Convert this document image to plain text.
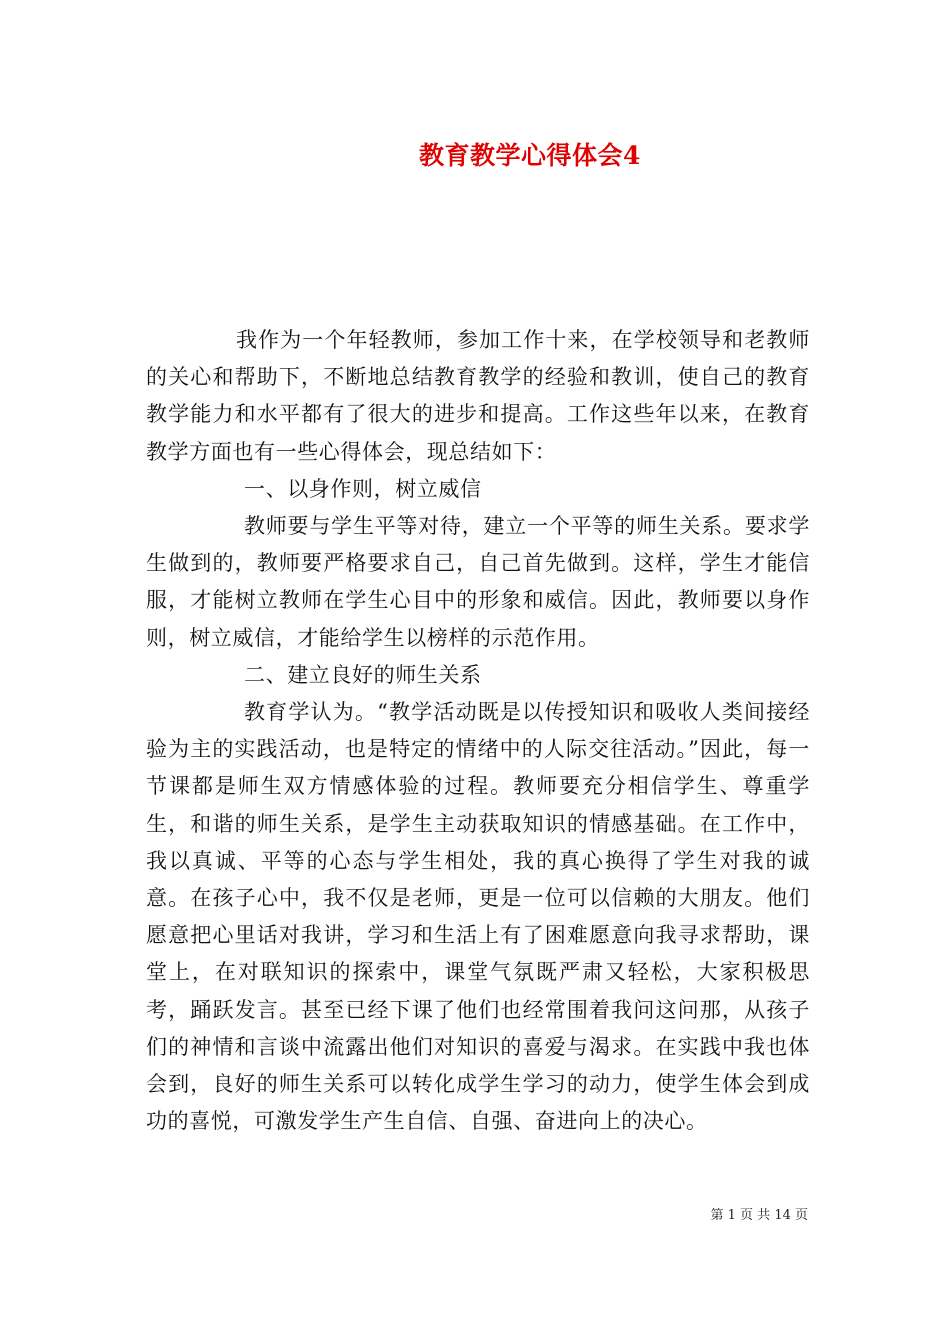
教育教学心得体会4

我作为一个年轻教师，参加工作十来，在学校领导和老教师的关心和帮助下，不断地总结教育教学的经验和教训，使自己的教育教学能力和水平都有了很大的进步和提高。工作这些年以来，在教育教学方面也有一些心得体会，现总结如下：

一、以身作则，树立威信

教师要与学生平等对待，建立一个平等的师生关系。要求学生做到的，教师要严格要求自己，自己首先做到。这样，学生才能信服，才能树立教师在学生心目中的形象和威信。因此，教师要以身作则，树立威信，才能给学生以榜样的示范作用。

二、建立良好的师生关系

教育学认为。“教学活动既是以传授知识和吸收人类间接经验为主的实践活动，也是特定的情绪中的人际交往活动。”因此，每一节课都是师生双方情感体验的过程。教师要充分相信学生、尊重学生，和谐的师生关系，是学生主动获取知识的情感基础。在工作中，我以真诚、平等的心态与学生相处，我的真心换得了学生对我的诚意。在孩子心中，我不仅是老师，更是一位可以信赖的大朋友。他们愿意把心里话对我讲，学习和生活上有了困难愿意向我寻求帮助，课堂上，在对联知识的探索中，课堂气氛既严肃又轻松，大家积极思考，踊跃发言。甚至已经下课了他们也经常围着我问这问那，从孩子们的神情和言谈中流露出他们对知识的喜爱与渴求。在实践中我也体会到，良好的师生关系可以转化成学生学习的动力，使学生体会到成功的喜悦，可激发学生产生自信、自强、奋进向上的决心。

第 1 页 共 14 页
